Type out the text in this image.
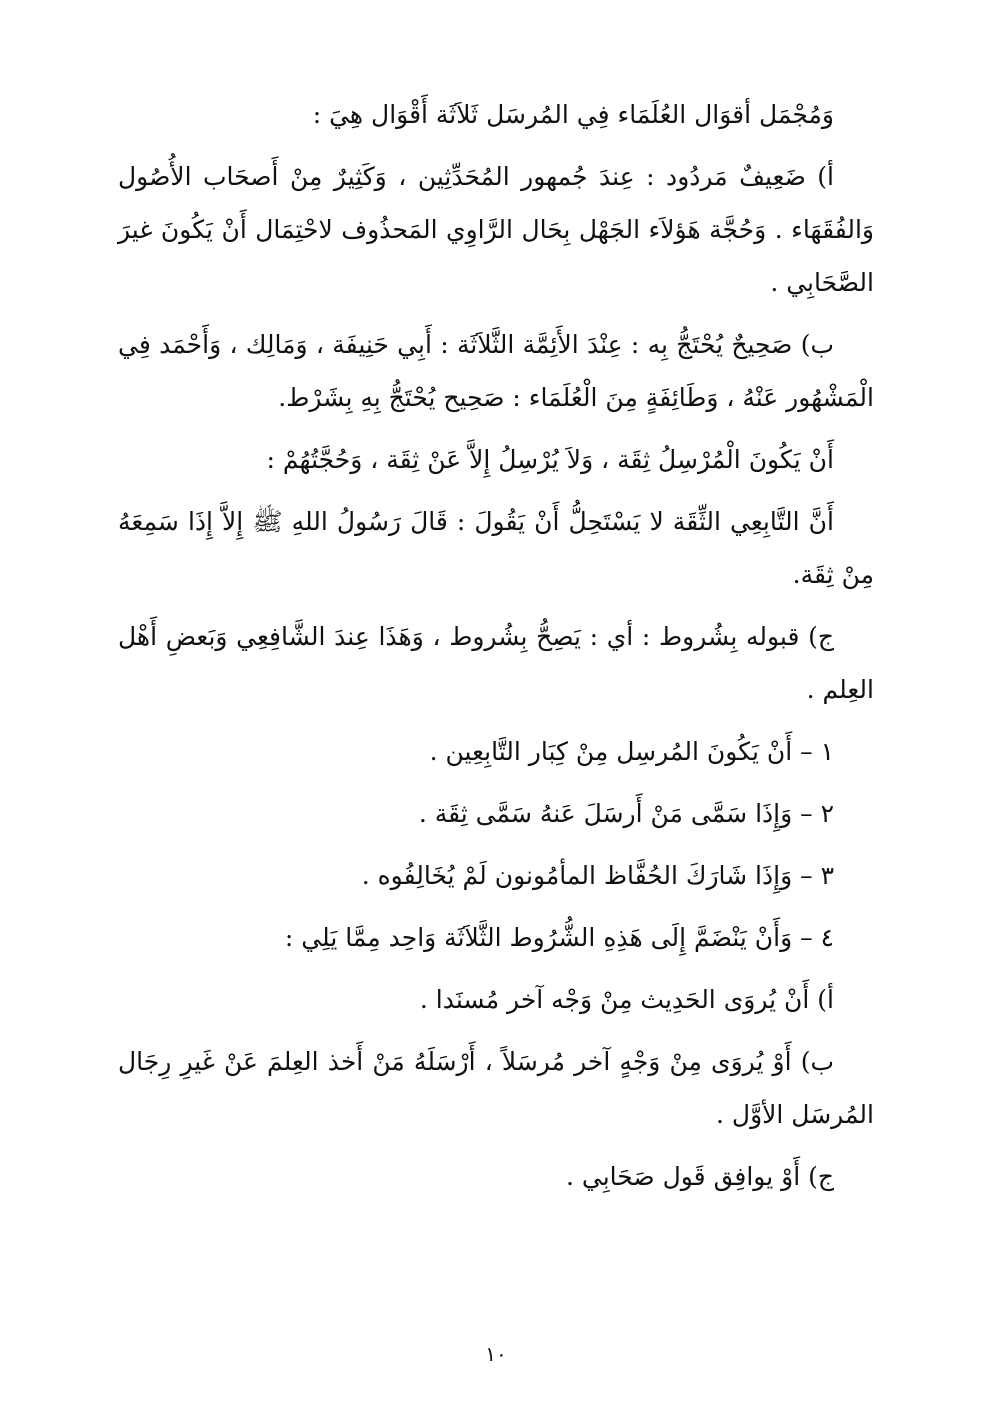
وَمُجْمَل أقوَال العُلَمَاء فِي المُرسَل ثَلاَثَة أَقْوَال هِيَ :

أ) ضَعِيفٌ مَردُود : عِندَ جُمهور المُحَدِّثِين ، وَكَثِيرٌ مِنْ أَصحَاب الأُصُول وَالفُقَهَاء . وَحُجَّة هَؤلاَء الجَهْل بِحَال الرَّاوِي المَحذُوف لاحْتِمَال أَنْ يَكُونَ غيرَ الصَّحَابِي .

ب) صَحِيحٌ يُحْتَجُّ بِه : عِنْدَ الأَئِمَّة الثَّلاَثَة : أَبِي حَنِيفَة ، وَمَالِك ، وَأَحْمَد فِي الْمَشْهُور عَنْهُ ، وَطَائِفَةٍ مِنَ الْعُلَمَاء : صَحِيح يُحْتَجُّ بِهِ بِشَرْط.

أَنْ يَكُونَ الْمُرْسِلُ ثِقَة ، وَلاَ يُرْسِلُ إِلاَّ عَنْ ثِقَة ، وَحُجَّتُهُمْ :

أَنَّ التَّابِعِي الثِّقَة لا يَسْتَحِلُّ أَنْ يَقُولَ : قَالَ رَسُولُ اللهِ ﷺ إِلاَّ إِذَا سَمِعَهُ مِنْ ثِقَة.

ج) قبوله بِشُروط : أي : يَصِحُّ بِشُروط ، وَهَذَا عِندَ الشَّافِعِي وَبَعضِ أَهْل العِلم .

١ – أَنْ يَكُونَ المُرسِل مِنْ كِبَار التَّابِعِين .

٢ – وَإِذَا سَمَّى مَنْ أَرسَلَ عَنهُ سَمَّى ثِقَة .

٣ – وَإِذَا شَارَكَ الحُفَّاظ المأمُونون لَمْ يُخَالِفُوه .

٤ – وَأَنْ يَنْضَمَّ إِلَى هَذِهِ الشُّرُوط الثَّلاَثَة وَاحِد مِمَّا يَلِي :

أ) أَنْ يُروَى الحَدِيث مِنْ وَجْه آخر مُسنَدا .

ب) أَوْ يُروَى مِنْ وَجْهٍ آخر مُرسَلاً ، أَرْسَلَهُ مَنْ أَخذ العِلمَ عَنْ غَيرِ رِجَال المُرسَل الأوَّل .

ج) أَوْ يوافِق قَول صَحَابِي .

١٠
